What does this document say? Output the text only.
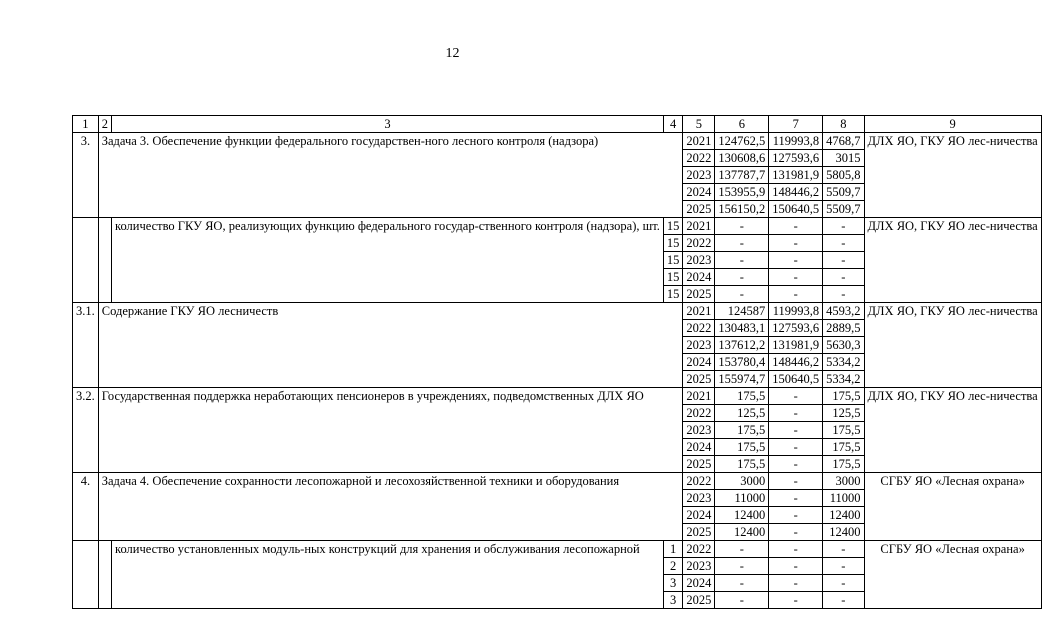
12
1	2	3	4	5	6	7	8	9
3.	Задача 3. Обеспечение функции федерального государствен-ного лесного контроля (надзора)			2021	124762,5	119993,8	4768,7	ДЛХ ЯО, ГКУ ЯО лес-ничества
				2022	130608,6	127593,6	3015	
				2023	137787,7	131981,9	5805,8	
				2024	153955,9	148446,2	5509,7	
				2025	156150,2	150640,5	5509,7	
		количество ГКУ ЯО, реализующих функцию федерального государ-ственного контроля (надзора), шт.	15	2021	-	-	-	ДЛХ ЯО, ГКУ ЯО лес-ничества
			15	2022	-	-	-	
			15	2023	-	-	-	
			15	2024	-	-	-	
			15	2025	-	-	-	
3.1.	Содержание ГКУ ЯО лесничеств			2021	124587	119993,8	4593,2	ДЛХ ЯО, ГКУ ЯО лес-ничества
				2022	130483,1	127593,6	2889,5	
				2023	137612,2	131981,9	5630,3	
				2024	153780,4	148446,2	5334,2	
				2025	155974,7	150640,5	5334,2	
3.2.	Государственная поддержка неработающих пенсионеров в учреждениях, подведомственных ДЛХ ЯО			2021	175,5	-	175,5	ДЛХ ЯО, ГКУ ЯО лес-ничества
				2022	125,5	-	125,5	
				2023	175,5	-	175,5	
				2024	175,5	-	175,5	
				2025	175,5	-	175,5	
4.	Задача 4. Обеспечение сохранности лесопожарной и лесохозяйственной техники и оборудования			2022	3000	-	3000	СГБУ ЯО «Лесная охрана»
				2023	11000	-	11000	
				2024	12400	-	12400	
				2025	12400	-	12400	
		количество установленных модуль-ных конструкций для хранения и обслуживания лесопожарной	1	2022	-	-	-	СГБУ ЯО «Лесная охрана»
			2	2023	-	-	-	
			3	2024	-	-	-	
			3	2025	-	-	-	
